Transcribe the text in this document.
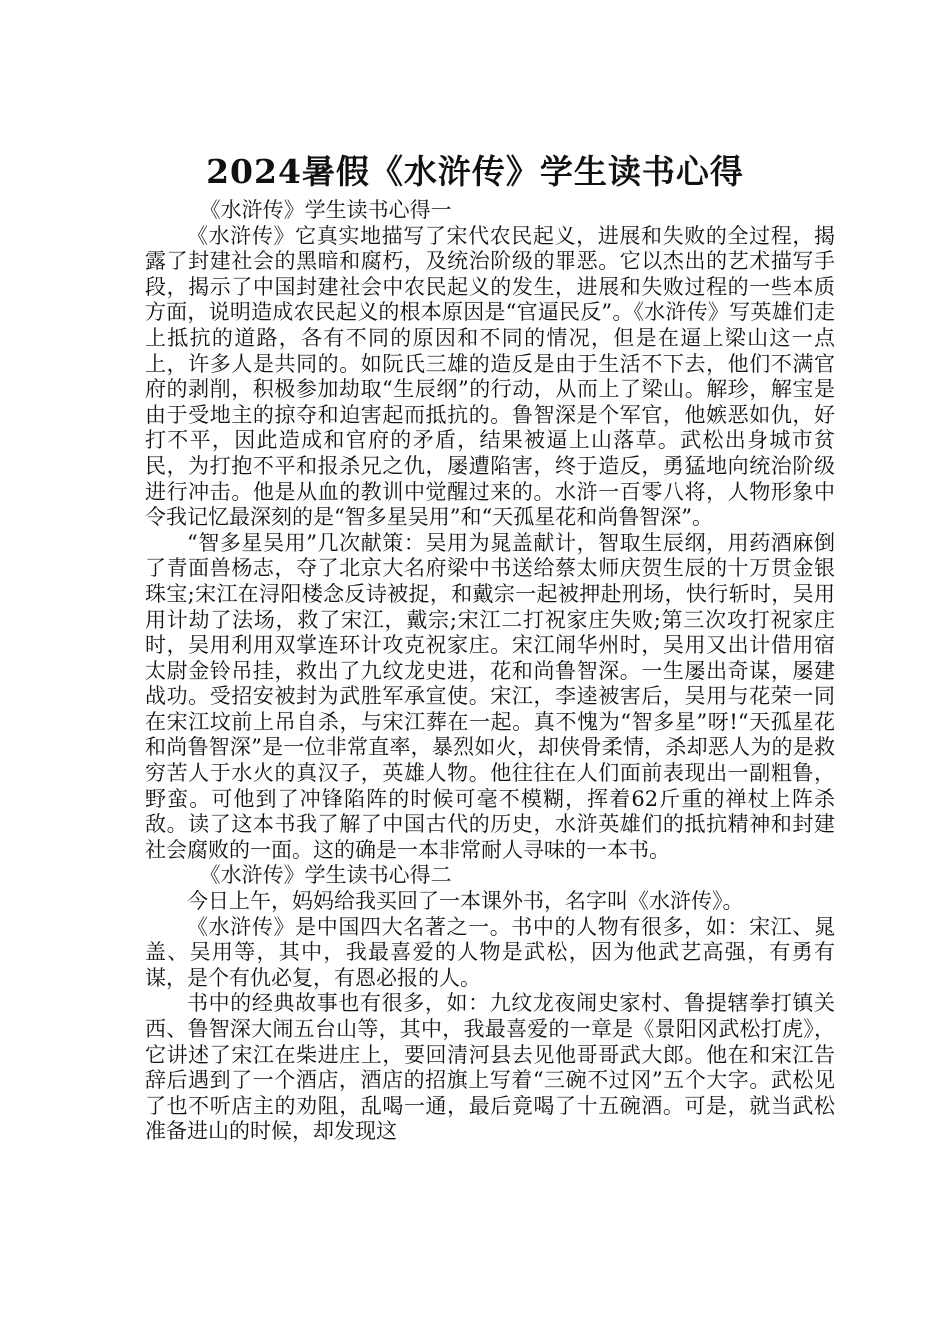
2024暑假《水浒传》学生读书心得

《水浒传》学生读书心得一

《水浒传》它真实地描写了宋代农民起义，进展和失败的全过程，揭露了封建社会的黑暗和腐朽，及统治阶级的罪恶。它以杰出的艺术描写手段，揭示了中国封建社会中农民起义的发生，进展和失败过程的一些本质方面，说明造成农民起义的根本原因是“官逼民反”。《水浒传》写英雄们走上抵抗的道路，各有不同的原因和不同的情况，但是在逼上梁山这一点上，许多人是共同的。如阮氏三雄的造反是由于生活不下去，他们不满官府的剥削，积极参加劫取“生辰纲”的行动，从而上了梁山。解珍，解宝是由于受地主的掠夺和迫害起而抵抗的。鲁智深是个军官，他嫉恶如仇，好打不平，因此造成和官府的矛盾，结果被逼上山落草。武松出身城市贫民，为打抱不平和报杀兄之仇，屡遭陷害，终于造反，勇猛地向统治阶级进行冲击。他是从血的教训中觉醒过来的。水浒一百零八将，人物形象中令我记忆最深刻的是“智多星吴用”和“天孤星花和尚鲁智深”。

“智多星吴用”几次献策：吴用为晁盖献计，智取生辰纲，用药酒麻倒了青面兽杨志，夺了北京大名府梁中书送给蔡太师庆贺生辰的十万贯金银珠宝;宋江在浔阳楼念反诗被捉，和戴宗一起被押赴刑场，快行斩时，吴用用计劫了法场，救了宋江，戴宗;宋江二打祝家庄失败;第三次攻打祝家庄时，吴用利用双掌连环计攻克祝家庄。宋江闹华州时，吴用又出计借用宿太尉金铃吊挂，救出了九纹龙史进，花和尚鲁智深。一生屡出奇谋，屡建战功。受招安被封为武胜军承宣使。宋江，李逵被害后，吴用与花荣一同在宋江坟前上吊自杀，与宋江葬在一起。真不愧为“智多星”呀!“天孤星花和尚鲁智深”是一位非常直率，暴烈如火，却侠骨柔情，杀却恶人为的是救穷苦人于水火的真汉子，英雄人物。他往往在人们面前表现出一副粗鲁，野蛮。可他到了冲锋陷阵的时候可毫不模糊，挥着62斤重的禅杖上阵杀敌。读了这本书我了解了中国古代的历史，水浒英雄们的抵抗精神和封建社会腐败的一面。这的确是一本非常耐人寻味的一本书。

《水浒传》学生读书心得二

今日上午，妈妈给我买回了一本课外书，名字叫《水浒传》。

《水浒传》是中国四大名著之一。书中的人物有很多，如：宋江、晁盖、吴用等，其中，我最喜爱的人物是武松，因为他武艺高强，有勇有谋，是个有仇必复，有恩必报的人。

书中的经典故事也有很多，如：九纹龙夜闹史家村、鲁提辖拳打镇关西、鲁智深大闹五台山等，其中，我最喜爱的一章是《景阳冈武松打虎》，它讲述了宋江在柴进庄上，要回清河县去见他哥哥武大郎。他在和宋江告辞后遇到了一个酒店，酒店的招旗上写着“三碗不过冈”五个大字。武松见了也不听店主的劝阻，乱喝一通，最后竟喝了十五碗酒。可是，就当武松准备进山的时候，却发现这
